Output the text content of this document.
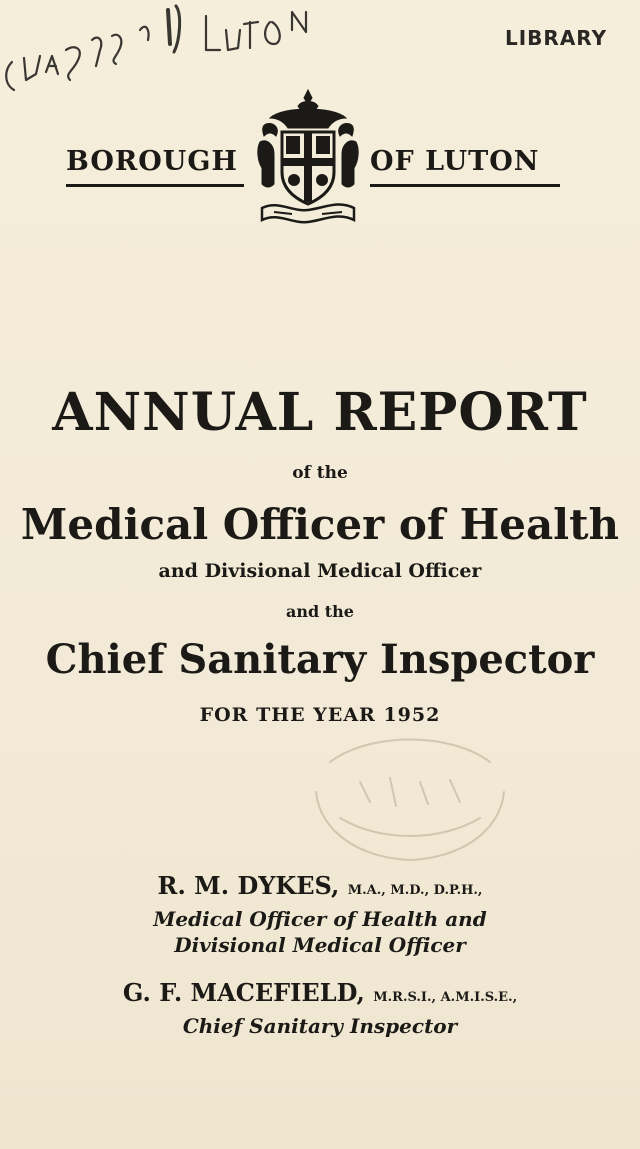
LIBRARY
BOROUGH	OF LUTON
ANNUAL REPORT
of the
Medical Officer of Health
and Divisional Medical Officer
and the
Chief Sanitary Inspector
FOR THE YEAR 1952
R. M. DYKES, M.A., M.D., D.P.H.,
Medical Officer of Health and
Divisional Medical Officer
G. F. MACEFIELD, M.R.S.I., A.M.I.S.E.,
Chief Sanitary Inspector
